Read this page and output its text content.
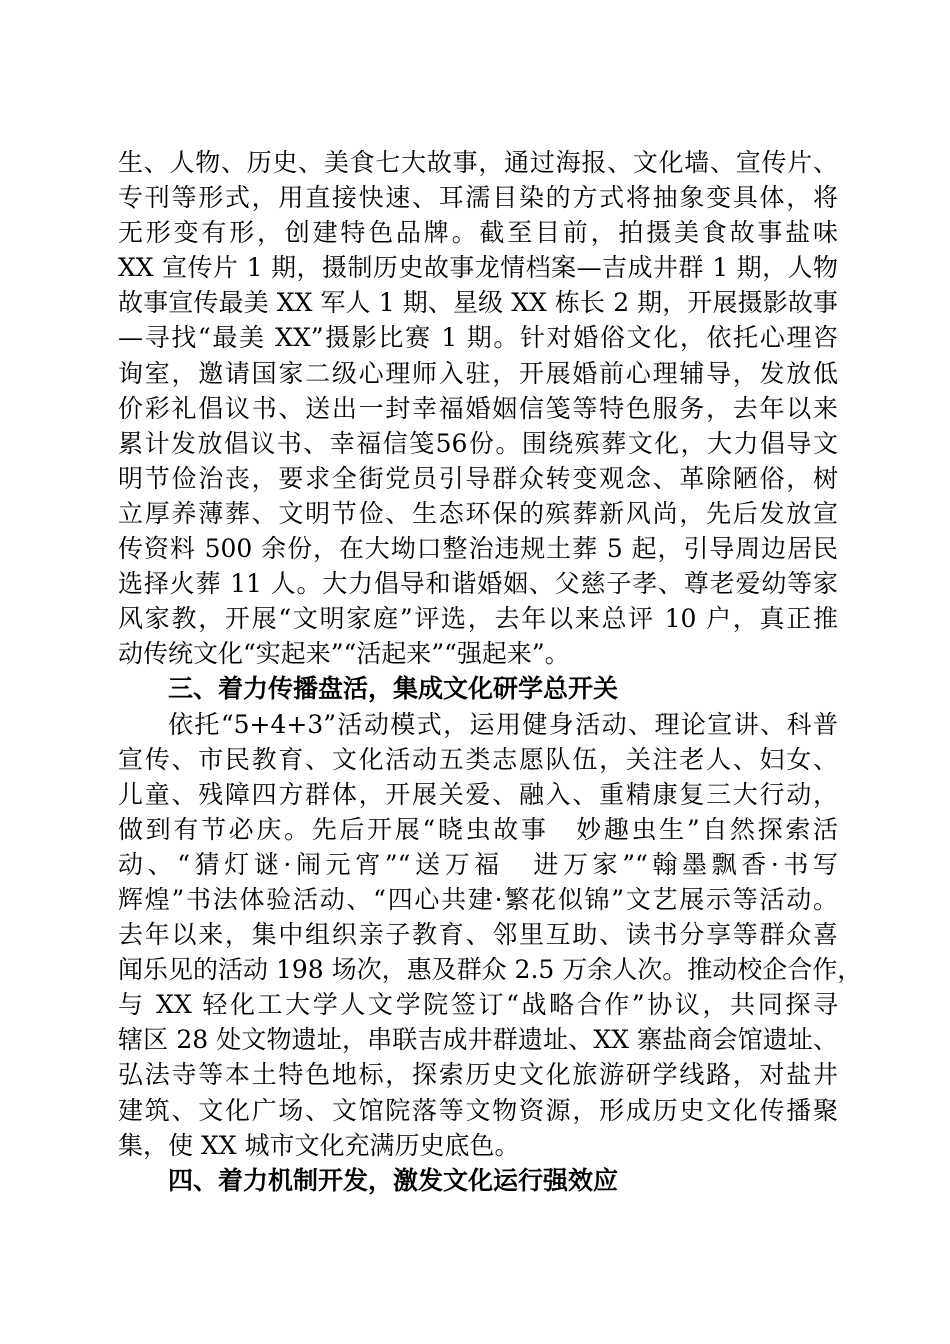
生、人物、历史、美食七大故事，通过海报、文化墙、宣传片、
专刊等形式，用直接快速、耳濡目染的方式将抽象变具体，将
无形变有形，创建特色品牌。截至目前，拍摄美食故事盐味
XX 宣传片 1 期，摄制历史故事龙情档案—吉成井群 1 期，人物
故事宣传最美 XX 军人 1 期、星级 XX 栋长 2 期，开展摄影故事
—寻找“最美 XX”摄影比赛 1 期。针对婚俗文化，依托心理咨
询室，邀请国家二级心理师入驻，开展婚前心理辅导，发放低
价彩礼倡议书、送出一封幸福婚姻信笺等特色服务，去年以来
累计发放倡议书、幸福信笺56份。围绕殡葬文化，大力倡导文
明节俭治丧，要求全街党员引导群众转变观念、革除陋俗，树
立厚养薄葬、文明节俭、生态环保的殡葬新风尚，先后发放宣
传资料 500 余份，在大坳口整治违规土葬 5 起，引导周边居民
选择火葬 11 人。大力倡导和谐婚姻、父慈子孝、尊老爱幼等家
风家教，开展“文明家庭”评选，去年以来总评 10 户，真正推
动传统文化“实起来”“活起来”“强起来”。
三、着力传播盘活，集成文化研学总开关
依托“5+4+3”活动模式，运用健身活动、理论宣讲、科普
宣传、市民教育、文化活动五类志愿队伍，关注老人、妇女、
儿童、残障四方群体，开展关爱、融入、重精康复三大行动，
做到有节必庆。先后开展“晓虫故事　妙趣虫生”自然探索活
动、“猜灯谜·闹元宵”“送万福　进万家”“翰墨飘香·书写
辉煌”书法体验活动、“四心共建·繁花似锦”文艺展示等活动。
去年以来，集中组织亲子教育、邻里互助、读书分享等群众喜
闻乐见的活动 198 场次，惠及群众 2.5 万余人次。推动校企合作，
与 XX 轻化工大学人文学院签订“战略合作”协议，共同探寻
辖区 28 处文物遗址，串联吉成井群遗址、XX 寨盐商会馆遗址、
弘法寺等本土特色地标，探索历史文化旅游研学线路，对盐井
建筑、文化广场、文馆院落等文物资源，形成历史文化传播聚
集，使 XX 城市文化充满历史底色。
四、着力机制开发，激发文化运行强效应
